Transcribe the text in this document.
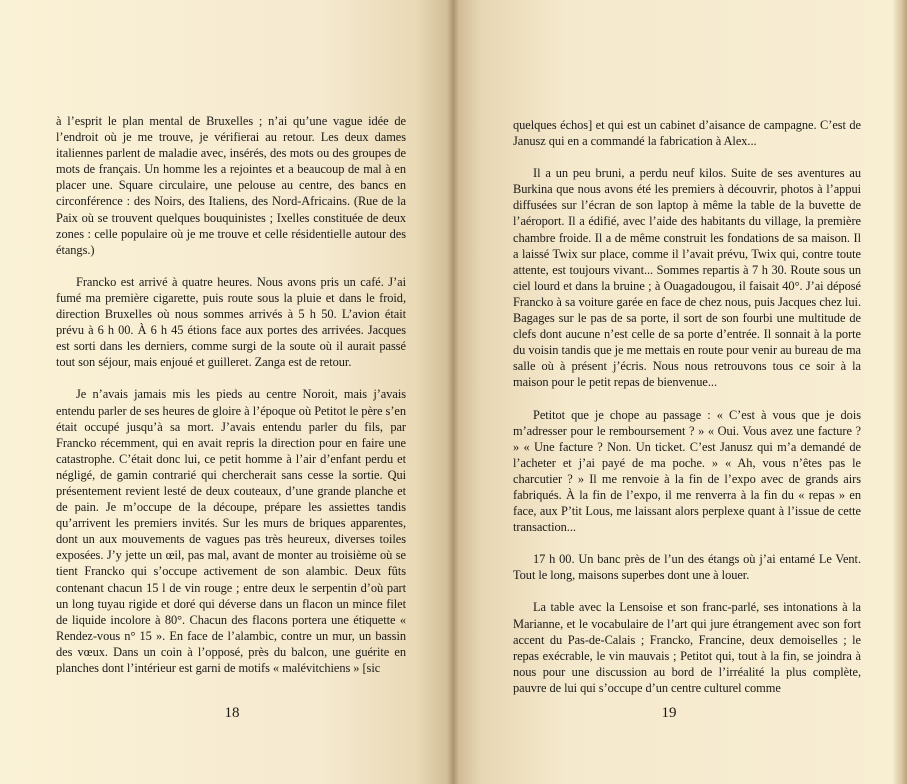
à l’esprit le plan mental de Bruxelles ; n’ai qu’une vague idée de l’endroit où je me trouve, je vérifierai au retour. Les deux dames italiennes parlent de maladie avec, insérés, des mots ou des groupes de mots de français. Un homme les a rejointes et a beaucoup de mal à en placer une. Square circulaire, une pelouse au centre, des bancs en circonférence : des Noirs, des Italiens, des Nord-Africains. (Rue de la Paix où se trouvent quelques bouquinistes ; Ixelles constituée de deux zones : celle populaire où je me trouve et celle résidentielle autour des étangs.)

Francko est arrivé à quatre heures. Nous avons pris un café. J’ai fumé ma première cigarette, puis route sous la pluie et dans le froid, direction Bruxelles où nous sommes arrivés à 5 h 50. L’avion était prévu à 6 h 00. À 6 h 45 étions face aux portes des arrivées. Jacques est sorti dans les derniers, comme surgi de la soute où il aurait passé tout son séjour, mais enjoué et guilleret. Zanga est de retour.

Je n’avais jamais mis les pieds au centre Noroit, mais j’avais entendu parler de ses heures de gloire à l’époque où Petitot le père s’en était occupé jusqu’à sa mort. J’avais entendu parler du fils, par Francko récemment, qui en avait repris la direction pour en faire une catastrophe. C’était donc lui, ce petit homme à l’air d’enfant perdu et négligé, de gamin contrarié qui chercherait sans cesse la sortie. Qui présentement revient lesté de deux couteaux, d’une grande planche et de pain. Je m’occupe de la découpe, prépare les assiettes tandis qu’arrivent les premiers invités. Sur les murs de briques apparentes, dont un aux mouvements de vagues pas très heureux, diverses toiles exposées. J’y jette un œil, pas mal, avant de monter au troisième où se tient Francko qui s’occupe activement de son alambic. Deux fûts contenant chacun 15 l de vin rouge ; entre deux le serpentin d’où part un long tuyau rigide et doré qui déverse dans un flacon un mince filet de liquide incolore à 80°. Chacun des flacons portera une étiquette « Rendez-vous n° 15 ». En face de l’alambic, contre un mur, un bassin des vœux. Dans un coin à l’opposé, près du balcon, une guérite en planches dont l’intérieur est garni de motifs « malévitchiens » [sic

18

quelques échos] et qui est un cabinet d’aisance de campagne. C’est de Janusz qui en a commandé la fabrication à Alex...

Il a un peu bruni, a perdu neuf kilos. Suite de ses aventures au Burkina que nous avons été les premiers à découvrir, photos à l’appui diffusées sur l’écran de son laptop à même la table de la buvette de l’aéroport. Il a édifié, avec l’aide des habitants du village, la première chambre froide. Il a de même construit les fondations de sa maison. Il a laissé Twix sur place, comme il l’avait prévu, Twix qui, contre toute attente, est toujours vivant... Sommes repartis à 7 h 30. Route sous un ciel lourd et dans la bruine ; à Ouagadougou, il faisait 40°. J’ai déposé Francko à sa voiture garée en face de chez nous, puis Jacques chez lui. Bagages sur le pas de sa porte, il sort de son fourbi une multitude de clefs dont aucune n’est celle de sa porte d’entrée. Il sonnait à la porte du voisin tandis que je me mettais en route pour venir au bureau de ma salle où à présent j’écris. Nous nous retrouvons tous ce soir à la maison pour le petit repas de bienvenue...

Petitot que je chope au passage : « C’est à vous que je dois m’adresser pour le remboursement ? » « Oui. Vous avez une facture ? » « Une facture ? Non. Un ticket. C’est Janusz qui m’a demandé de l’acheter et j’ai payé de ma poche. » « Ah, vous n’êtes pas le charcutier ? » Il me renvoie à la fin de l’expo avec de grands airs fabriqués. À la fin de l’expo, il me renverra à la fin du « repas » en face, aux P’tit Lous, me laissant alors perplexe quant à l’issue de cette transaction...

17 h 00. Un banc près de l’un des étangs où j’ai entamé Le Vent. Tout le long, maisons superbes dont une à louer.

La table avec la Lensoise et son franc-parlé, ses intonations à la Marianne, et le vocabulaire de l’art qui jure étrangement avec son fort accent du Pas-de-Calais ; Francko, Francine, deux demoiselles ; le repas exécrable, le vin mauvais ; Petitot qui, tout à la fin, se joindra à nous pour une discussion au bord de l’irréalité la plus complète, pauvre de lui qui s’occupe d’un centre culturel comme

19
